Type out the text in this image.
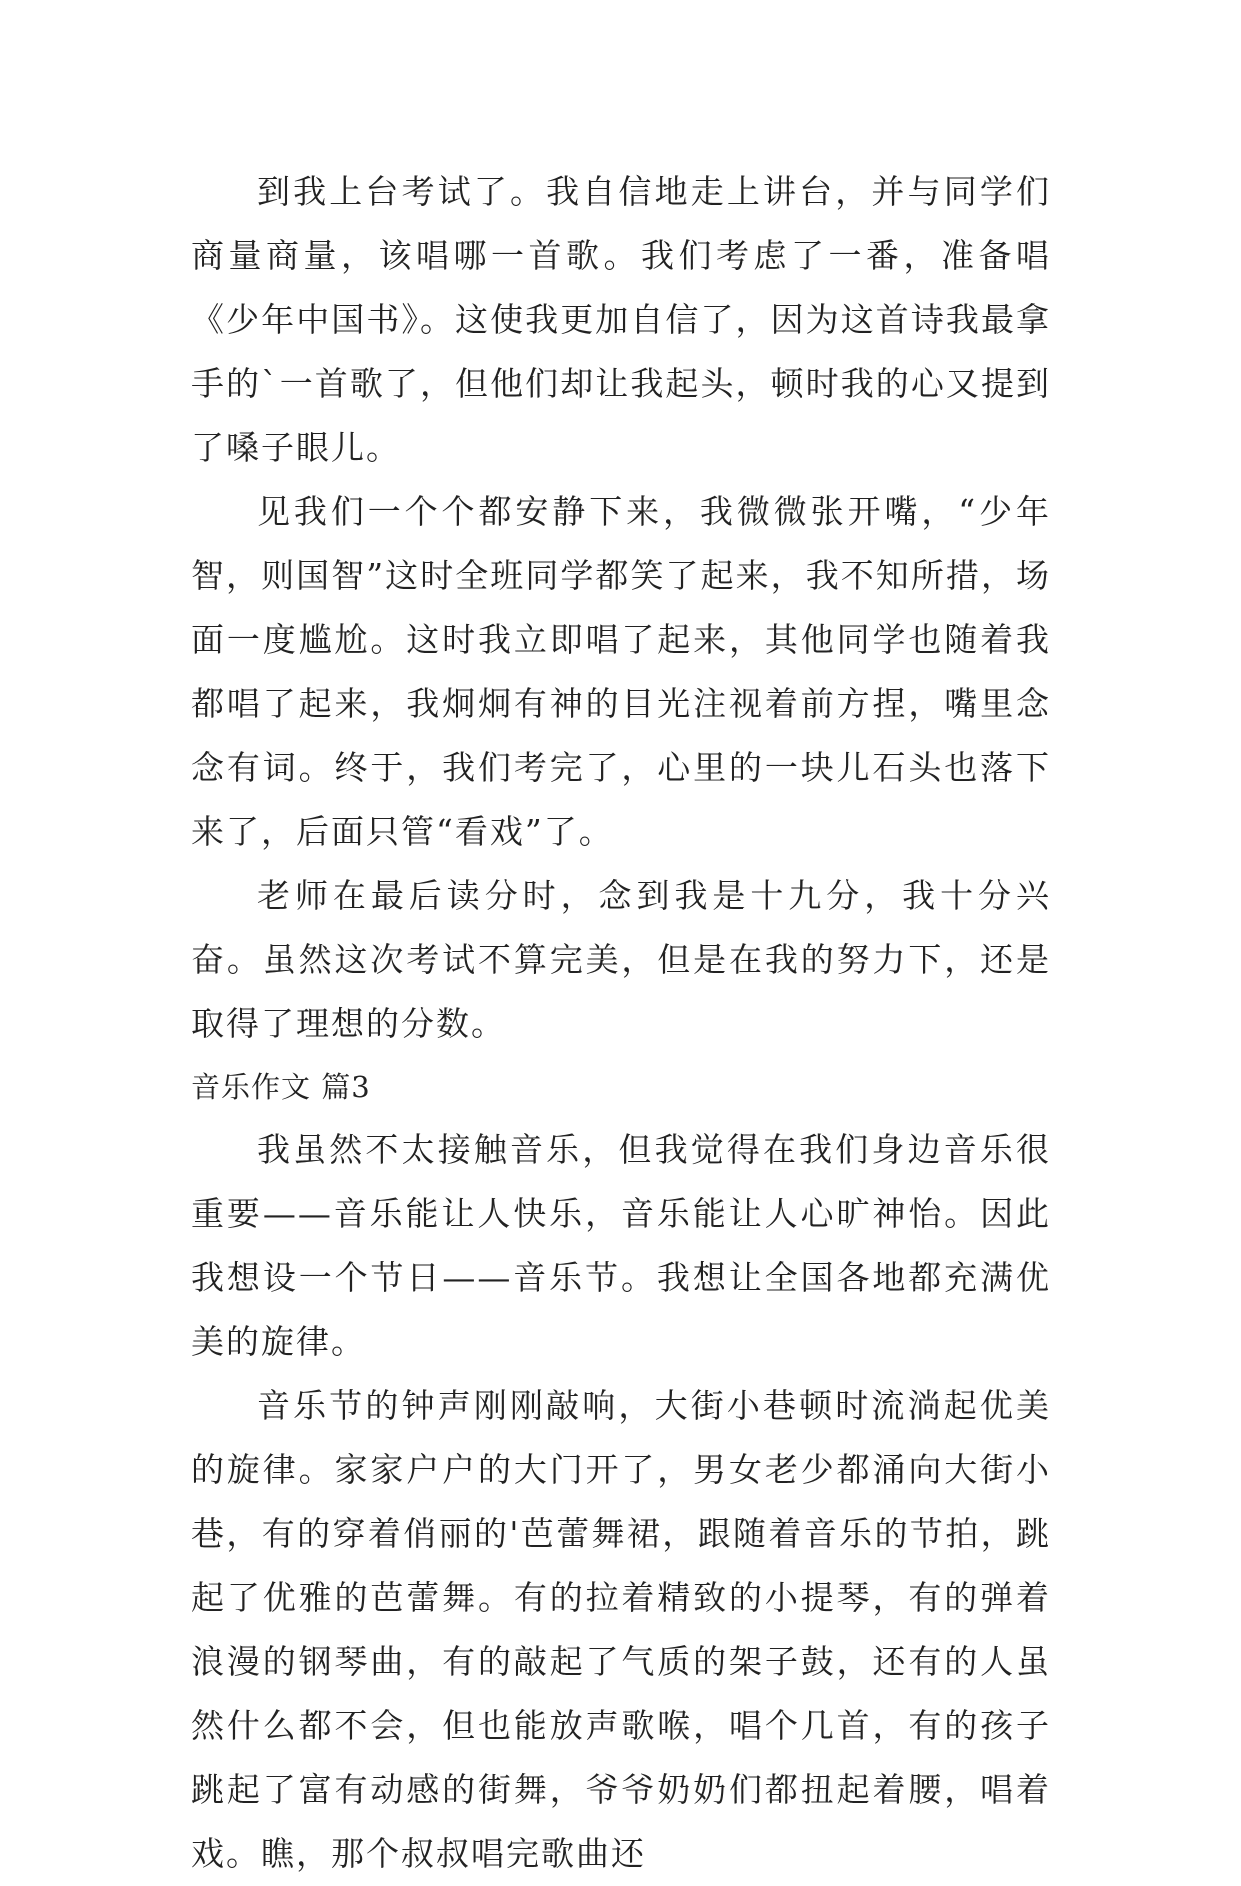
到我上台考试了。我自信地走上讲台，并与同学们商量商量，该唱哪一首歌。我们考虑了一番，准备唱《少年中国书》。这使我更加自信了，因为这首诗我最拿手的`一首歌了，但他们却让我起头，顿时我的心又提到了嗓子眼儿。

见我们一个个都安静下来，我微微张开嘴，“少年智，则国智”这时全班同学都笑了起来，我不知所措，场面一度尴尬。这时我立即唱了起来，其他同学也随着我都唱了起来，我炯炯有神的目光注视着前方捏，嘴里念念有词。终于，我们考完了，心里的一块儿石头也落下来了，后面只管“看戏”了。

老师在最后读分时，念到我是十九分，我十分兴奋。虽然这次考试不算完美，但是在我的努力下，还是取得了理想的分数。

音乐作文 篇3

我虽然不太接触音乐，但我觉得在我们身边音乐很重要——音乐能让人快乐，音乐能让人心旷神怡。因此我想设一个节日——音乐节。我想让全国各地都充满优美的旋律。

音乐节的钟声刚刚敲响，大街小巷顿时流淌起优美的旋律。家家户户的大门开了，男女老少都涌向大街小巷，有的穿着俏丽的'芭蕾舞裙，跟随着音乐的节拍，跳起了优雅的芭蕾舞。有的拉着精致的小提琴，有的弹着浪漫的钢琴曲，有的敲起了气质的架子鼓，还有的人虽然什么都不会，但也能放声歌喉，唱个几首，有的孩子跳起了富有动感的街舞，爷爷奶奶们都扭起着腰，唱着戏。瞧，那个叔叔唱完歌曲还
